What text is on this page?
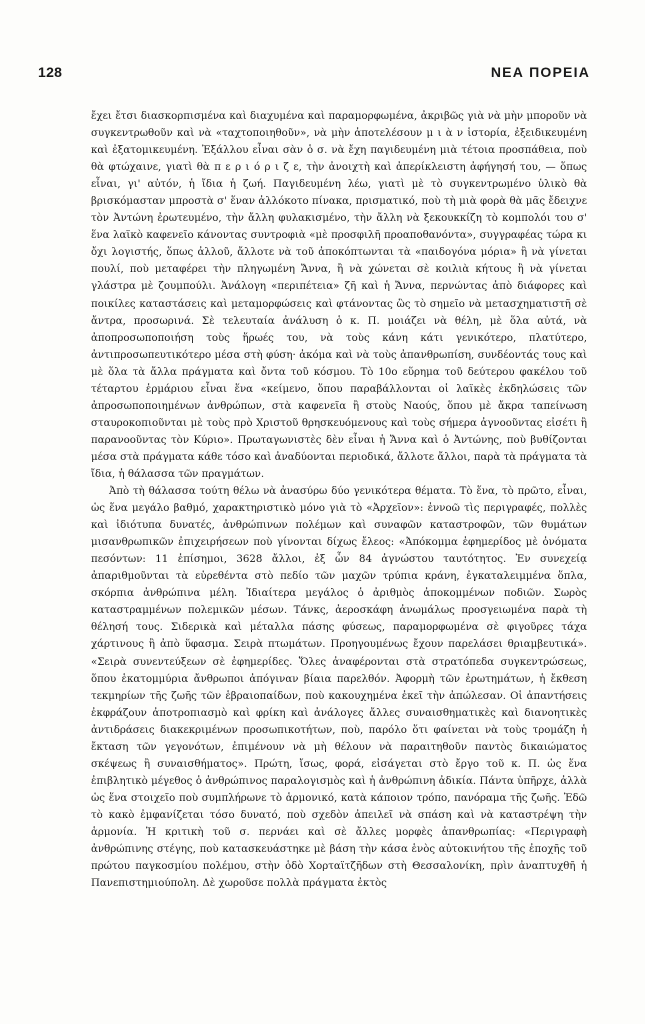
128	ΝΕΑ ΠΟΡΕΙΑ

ἔχει ἔτσι διασκορπισμένα καὶ διαχυμένα καὶ παραμορφωμένα, ἀκριβῶς γιὰ νὰ μὴν μποροῦν νὰ συγκεντρωθοῦν καὶ νὰ «ταχτοποιηθοῦν», νὰ μὴν ἀποτελέσουν μ ι ὰ ν ἱστορία, ἐξειδικευμένη καὶ ἐξατομικευμένη. Ἐξάλλου εἶναι σὰν ὁ σ. νὰ ἔχη παγιδευμένη μιὰ τέτοια προσπάθεια, ποὺ θὰ φτώχαινε, γιατὶ θὰ π ε ρ ι ό ρ ι ζ ε, τὴν ἀνοιχτὴ καὶ ἀπερίκλειστη ἀφήγησή του, — ὅπως εἶναι, γι' αὐτόν, ἡ ἴδια ἡ ζωή. Παγιδευμένη λέω, γιατὶ μὲ τὸ συγκεντρωμένο ὑλικὸ θὰ βρισκόμασταν μπροστὰ σ' ἕναν ἀλλόκοτο πίνακα, πρισματικό, ποὺ τὴ μιὰ φορὰ θὰ μᾶς ἔδειχνε τὸν Ἀντώνη ἐρωτευμένο, τὴν ἄλλη φυλακισμένο, τὴν ἄλλη νὰ ξεκουκκίζη τὸ κομπολόι του σ' ἕνα λαϊκὸ καφενεῖο κάνοντας συντροφιὰ «μὲ προσφιλῆ προαποθανόντα», συγγραφέας τώρα κι ὄχι λογιστής, ὅπως ἀλλοῦ, ἄλλοτε νὰ τοῦ ἀποκόπτωνται τὰ «παιδογόνα μόρια» ἢ νὰ γίνεται πουλί, ποὺ μεταφέρει τὴν πληγωμένη Ἄννα, ἢ νὰ χώνεται σὲ κοιλιὰ κήτους ἢ νὰ γίνεται γλάστρα μὲ ζουμπούλι. Ἀνάλογη «περιπέτεια» ζῆ καὶ ἡ Ἄννα, περνώντας ἀπὸ διάφορες καὶ ποικίλες καταστάσεις καὶ μεταμορφώσεις καὶ φτάνοντας ὣς τὸ σημεῖο νὰ μετασχηματιστῆ σὲ ἄντρα, προσωρινά. Σὲ τελευταία ἀνάλυση ὁ κ. Π. μοιάζει νὰ θέλη, μὲ ὅλα αὐτά, νὰ ἀποπροσωποποιήση τοὺς ἥρωές του, νὰ τοὺς κάνη κάτι γενικότερο, πλατύτερο, ἀντιπροσωπευτικότερο μέσα στὴ φύση· ἀκόμα καὶ νὰ τοὺς ἀπανθρωπίση, συνδέοντάς τους καὶ μὲ ὅλα τὰ ἄλλα πράγματα καὶ ὄντα τοῦ κόσμου. Τὸ 10ο εὕρημα τοῦ δεύτερου φακέλου τοῦ τέταρτου ἑρμάριου εἶναι ἕνα «κείμενο, ὅπου παραβάλλονται οἱ λαϊκὲς ἐκδηλώσεις τῶν ἀπροσωποποιημένων ἀνθρώπων, στὰ καφενεῖα ἢ στοὺς Ναούς, ὅπου μὲ ἄκρα ταπείνωση σταυροκοπιοῦνται μὲ τοὺς πρὸ Χριστοῦ θρησκευόμενους καὶ τοὺς σήμερα ἀγνοοῦντας εἰσέτι ἢ παρανοοῦντας τὸν Κύριο». Πρωταγωνιστὲς δὲν εἶναι ἡ Ἄννα καὶ ὁ Ἀντώνης, ποὺ βυθίζονται μέσα στὰ πράγματα κάθε τόσο καὶ ἀναδύονται περιοδικά, ἄλλοτε ἄλλοι, παρὰ τὰ πράγματα τὰ ἴδια, ἡ θάλασσα τῶν πραγμάτων.

Ἀπὸ τὴ θάλασσα τούτη θέλω νὰ ἀνασύρω δύο γενικότερα θέματα. Τὸ ἕνα, τὸ πρῶτο, εἶναι, ὡς ἕνα μεγάλο βαθμό, χαρακτηριστικὸ μόνο γιὰ τὸ «Ἀρχεῖον»: ἐννοῶ τὶς περιγραφές, πολλὲς καὶ ἰδιότυπα δυνατές, ἀνθρώπινων πολέμων καὶ συναφῶν καταστροφῶν, τῶν θυμάτων μισανθρωπικῶν ἐπιχειρήσεων ποὺ γίνονται δίχως ἔλεος: «Ἀπόκομμα ἐφημερίδος μὲ ὀνόματα πεσόντων: 11 ἐπίσημοι, 3628 ἄλλοι, ἐξ ὧν 84 ἀγνώστου ταυτότητος. Ἐν συνεχείᾳ ἀπαριθμοῦνται τὰ εὑρεθέντα στὸ πεδίο τῶν μαχῶν τρύπια κράνη, ἐγκαταλειμμένα ὅπλα, σκόρπια ἀνθρώπινα μέλη. Ἰδιαίτερα μεγάλος ὁ ἀριθμὸς ἀποκομμένων ποδιῶν. Σωρὸς καταστραμμένων πολεμικῶν μέσων. Τάνκς, ἀεροσκάφη ἀνωμάλως προσγειωμένα παρὰ τὴ θέλησή τους. Σιδερικὰ καὶ μέταλλα πάσης φύσεως, παραμορφωμένα σὲ φιγοῦρες τάχα χάρτινους ἢ ἀπὸ ὕφασμα. Σειρὰ πτωμάτων. Προηγουμένως ἔχουν παρελάσει θριαμβευτικά». «Σειρὰ συνεντεύξεων σὲ ἐφημερίδες. Ὅλες ἀναφέρονται στὰ στρατόπεδα συγκεντρώσεως, ὅπου ἑκατομμύρια ἄνθρωποι ἀπόγιναν βίαια παρελθόν. Ἀφορμὴ τῶν ἐρωτημάτων, ἡ ἔκθεση τεκμηρίων τῆς ζωῆς τῶν ἑβραιοπαίδων, ποὺ κακουχημένα ἐκεῖ τὴν ἀπώλεσαν. Οἱ ἀπαντήσεις ἐκφράζουν ἀποτροπιασμὸ καὶ φρίκη καὶ ἀνάλογες ἄλλες συναισθηματικὲς καὶ διανοητικὲς ἀντιδράσεις διακεκριμένων προσωπικοτήτων, ποὺ, παρόλο ὅτι φαίνεται νὰ τοὺς τρομάζη ἡ ἔκταση τῶν γεγονότων, ἐπιμένουν νὰ μὴ θέλουν νὰ παραιτηθοῦν παντὸς δικαιώματος σκέψεως ἢ συναισθήματος». Πρώτη, ἴσως, φορά, εἰσάγεται στὸ ἔργο τοῦ κ. Π. ὡς ἕνα ἐπιβλητικὸ μέγεθος ὁ ἀνθρώπινος παραλογισμὸς καὶ ἡ ἀνθρώπινη ἀδικία. Πάντα ὑπῆρχε, ἀλλὰ ὡς ἕνα στοιχεῖο ποὺ συμπλήρωνε τὸ ἁρμονικό, κατὰ κάποιον τρόπο, πανόραμα τῆς ζωῆς. Ἐδῶ τὸ κακὸ ἐμφανίζεται τόσο δυνατό, ποὺ σχεδὸν ἀπειλεῖ νὰ σπάση καὶ νὰ καταστρέψη τὴν ἁρμονία. Ἡ κριτικὴ τοῦ σ. περνάει καὶ σὲ ἄλλες μορφὲς ἀπανθρωπίας: «Περιγραφὴ ἀνθρώπινης στέγης, ποὺ κατασκευάστηκε μὲ βάση τὴν κάσα ἑνὸς αὐτοκινήτου τῆς ἐποχῆς τοῦ πρώτου παγκοσμίου πολέμου, στὴν ὁδὸ Χορταϊτζῆδων στὴ Θεσσαλονίκη, πρὶν ἀναπτυχθῆ ἡ Πανεπιστημιούπολη. Δὲ χωροῦσε πολλὰ πράγματα ἐκτὸς
